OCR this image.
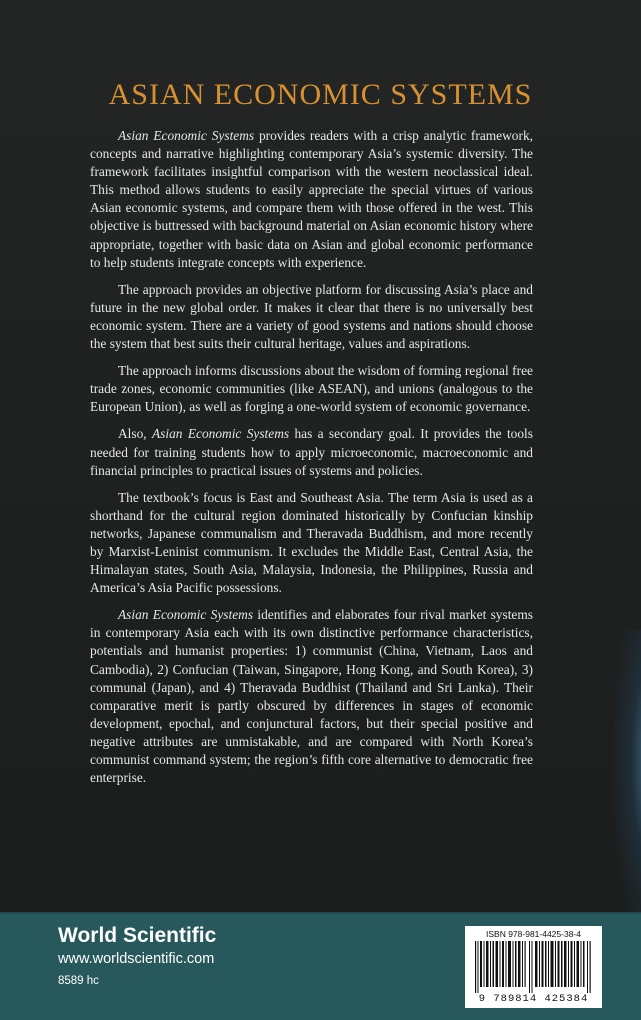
ASIAN ECONOMIC SYSTEMS

Asian Economic Systems provides readers with a crisp analytic framework, concepts and narrative highlighting contemporary Asia’s systemic diversity. The framework facilitates insightful comparison with the western neoclassical ideal. This method allows students to easily appreciate the special virtues of various Asian economic systems, and compare them with those offered in the west. This objective is buttressed with background material on Asian economic history where appropriate, together with basic data on Asian and global economic performance to help students integrate concepts with experience.

The approach provides an objective platform for discussing Asia’s place and future in the new global order. It makes it clear that there is no universally best economic system. There are a variety of good systems and nations should choose the system that best suits their cultural heritage, values and aspirations.

The approach informs discussions about the wisdom of forming regional free trade zones, economic communities (like ASEAN), and unions (analogous to the European Union), as well as forging a one-world system of economic governance.

Also, Asian Economic Systems has a secondary goal. It provides the tools needed for training students how to apply microeconomic, macroeconomic and financial principles to practical issues of systems and policies.

The textbook’s focus is East and Southeast Asia. The term Asia is used as a shorthand for the cultural region dominated historically by Confucian kinship networks, Japanese communalism and Theravada Buddhism, and more recently by Marxist-Leninist communism. It excludes the Middle East, Central Asia, the Himalayan states, South Asia, Malaysia, Indonesia, the Philippines, Russia and America’s Asia Pacific possessions.

Asian Economic Systems identifies and elaborates four rival market systems in contemporary Asia each with its own distinctive performance characteristics, potentials and humanist properties: 1) communist (China, Vietnam, Laos and Cambodia), 2) Confucian (Taiwan, Singapore, Hong Kong, and South Korea), 3) communal (Japan), and 4) Theravada Buddhist (Thailand and Sri Lanka). Their comparative merit is partly obscured by differences in stages of economic development, epochal, and conjunctural factors, but their special positive and negative attributes are unmistakable, and are compared with North Korea’s communist command system; the region’s fifth core alternative to democratic free enterprise.

World Scientific
www.worldscientific.com
8589 hc
ISBN 978-981-4425-38-4
9 789814 425384
